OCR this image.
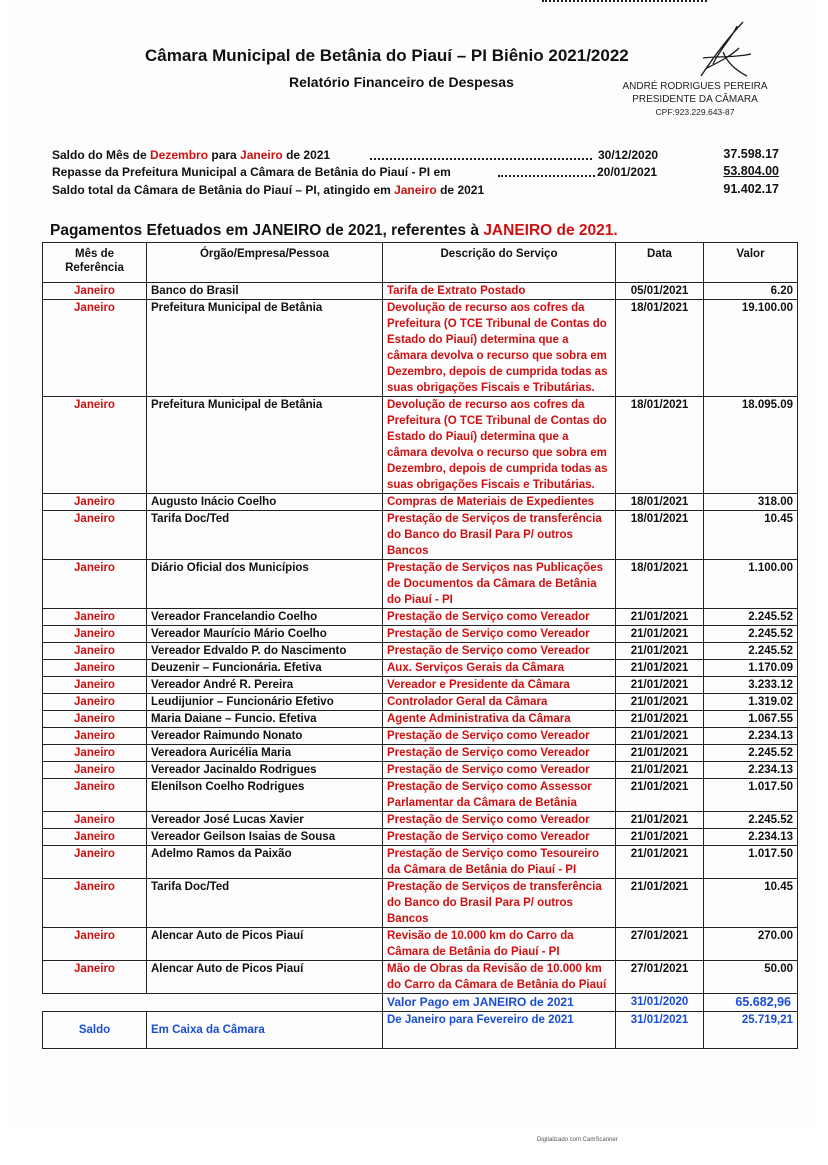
Câmara Municipal de Betânia do Piauí – PI Biênio 2021/2022
Relatório Financeiro de Despesas	ANDRÉ RODRIGUES PEREIRA
PRESIDENTE DA CÂMARA
CPF:923.229.643-87
Saldo do Mês de Dezembro para Janeiro de 2021	30/12/2020	37.598.17
Repasse da Prefeitura Municipal a Câmara de Betânia do Piauí - PI em	20/01/2021	53.804.00
Saldo total da Câmara de Betânia do Piauí – PI, atingido em Janeiro de 2021	91.402.17
Pagamentos Efetuados em JANEIRO de 2021, referentes à JANEIRO de 2021.
Mês de Referência	Órgão/Empresa/Pessoa	Descrição do Serviço	Data	Valor
Janeiro	Banco do Brasil	Tarifa de Extrato Postado	05/01/2021	6.20
Janeiro	Prefeitura Municipal de Betânia	Devolução de recurso aos cofres da Prefeitura (O TCE Tribunal de Contas do Estado do Piauí) determina que a câmara devolva o recurso que sobra em Dezembro, depois de cumprida todas as suas obrigações Fiscais e Tributárias.	18/01/2021	19.100.00
Janeiro	Prefeitura Municipal de Betânia	Devolução de recurso aos cofres da Prefeitura (O TCE Tribunal de Contas do Estado do Piauí) determina que a câmara devolva o recurso que sobra em Dezembro, depois de cumprida todas as suas obrigações Fiscais e Tributárias.	18/01/2021	18.095.09
Janeiro	Augusto Inácio Coelho	Compras de Materiais de Expedientes	18/01/2021	318.00
Janeiro	Tarifa Doc/Ted	Prestação de Serviços de transferência do Banco do Brasil Para P/ outros Bancos	18/01/2021	10.45
Janeiro	Diário Oficial dos Municípios	Prestação de Serviços nas Publicações de Documentos da Câmara de Betânia do Piauí - PI	18/01/2021	1.100.00
Janeiro	Vereador Francelandio Coelho	Prestação de Serviço como Vereador	21/01/2021	2.245.52
Janeiro	Vereador Maurício Mário Coelho	Prestação de Serviço como Vereador	21/01/2021	2.245.52
Janeiro	Vereador Edvaldo P. do Nascimento	Prestação de Serviço como Vereador	21/01/2021	2.245.52
Janeiro	Deuzenir – Funcionária. Efetiva	Aux. Serviços Gerais da Câmara	21/01/2021	1.170.09
Janeiro	Vereador André R. Pereira	Vereador e Presidente da Câmara	21/01/2021	3.233.12
Janeiro	Leudijunior – Funcionário Efetivo	Controlador Geral da Câmara	21/01/2021	1.319.02
Janeiro	Maria Daiane – Funcio. Efetiva	Agente Administrativa da Câmara	21/01/2021	1.067.55
Janeiro	Vereador Raimundo Nonato	Prestação de Serviço como Vereador	21/01/2021	2.234.13
Janeiro	Vereadora Auricélia Maria	Prestação de Serviço como Vereador	21/01/2021	2.245.52
Janeiro	Vereador Jacinaldo Rodrigues	Prestação de Serviço como Vereador	21/01/2021	2.234.13
Janeiro	Elenilson Coelho Rodrigues	Prestação de Serviço como Assessor Parlamentar da Câmara de Betânia	21/01/2021	1.017.50
Janeiro	Vereador José Lucas Xavier	Prestação de Serviço como Vereador	21/01/2021	2.245.52
Janeiro	Vereador Geilson Isaias de Sousa	Prestação de Serviço como Vereador	21/01/2021	2.234.13
Janeiro	Adelmo Ramos da Paixão	Prestação de Serviço como Tesoureiro da Câmara de Betânia do Piauí - PI	21/01/2021	1.017.50
Janeiro	Tarifa Doc/Ted	Prestação de Serviços de transferência do Banco do Brasil Para P/ outros Bancos	21/01/2021	10.45
Janeiro	Alencar Auto de Picos Piauí	Revisão de 10.000 km do Carro da Câmara de Betânia do Piauí - PI	27/01/2021	270.00
Janeiro	Alencar Auto de Picos Piauí	Mão de Obras da Revisão de 10.000 km do Carro da Câmara de Betânia do Piauí	27/01/2021	50.00
		Valor Pago em JANEIRO de 2021	31/01/2020	65.682,96
Saldo	Em Caixa da Câmara	De Janeiro para Fevereiro de 2021	31/01/2021	25.719,21
Digitalizado com CamScanner
